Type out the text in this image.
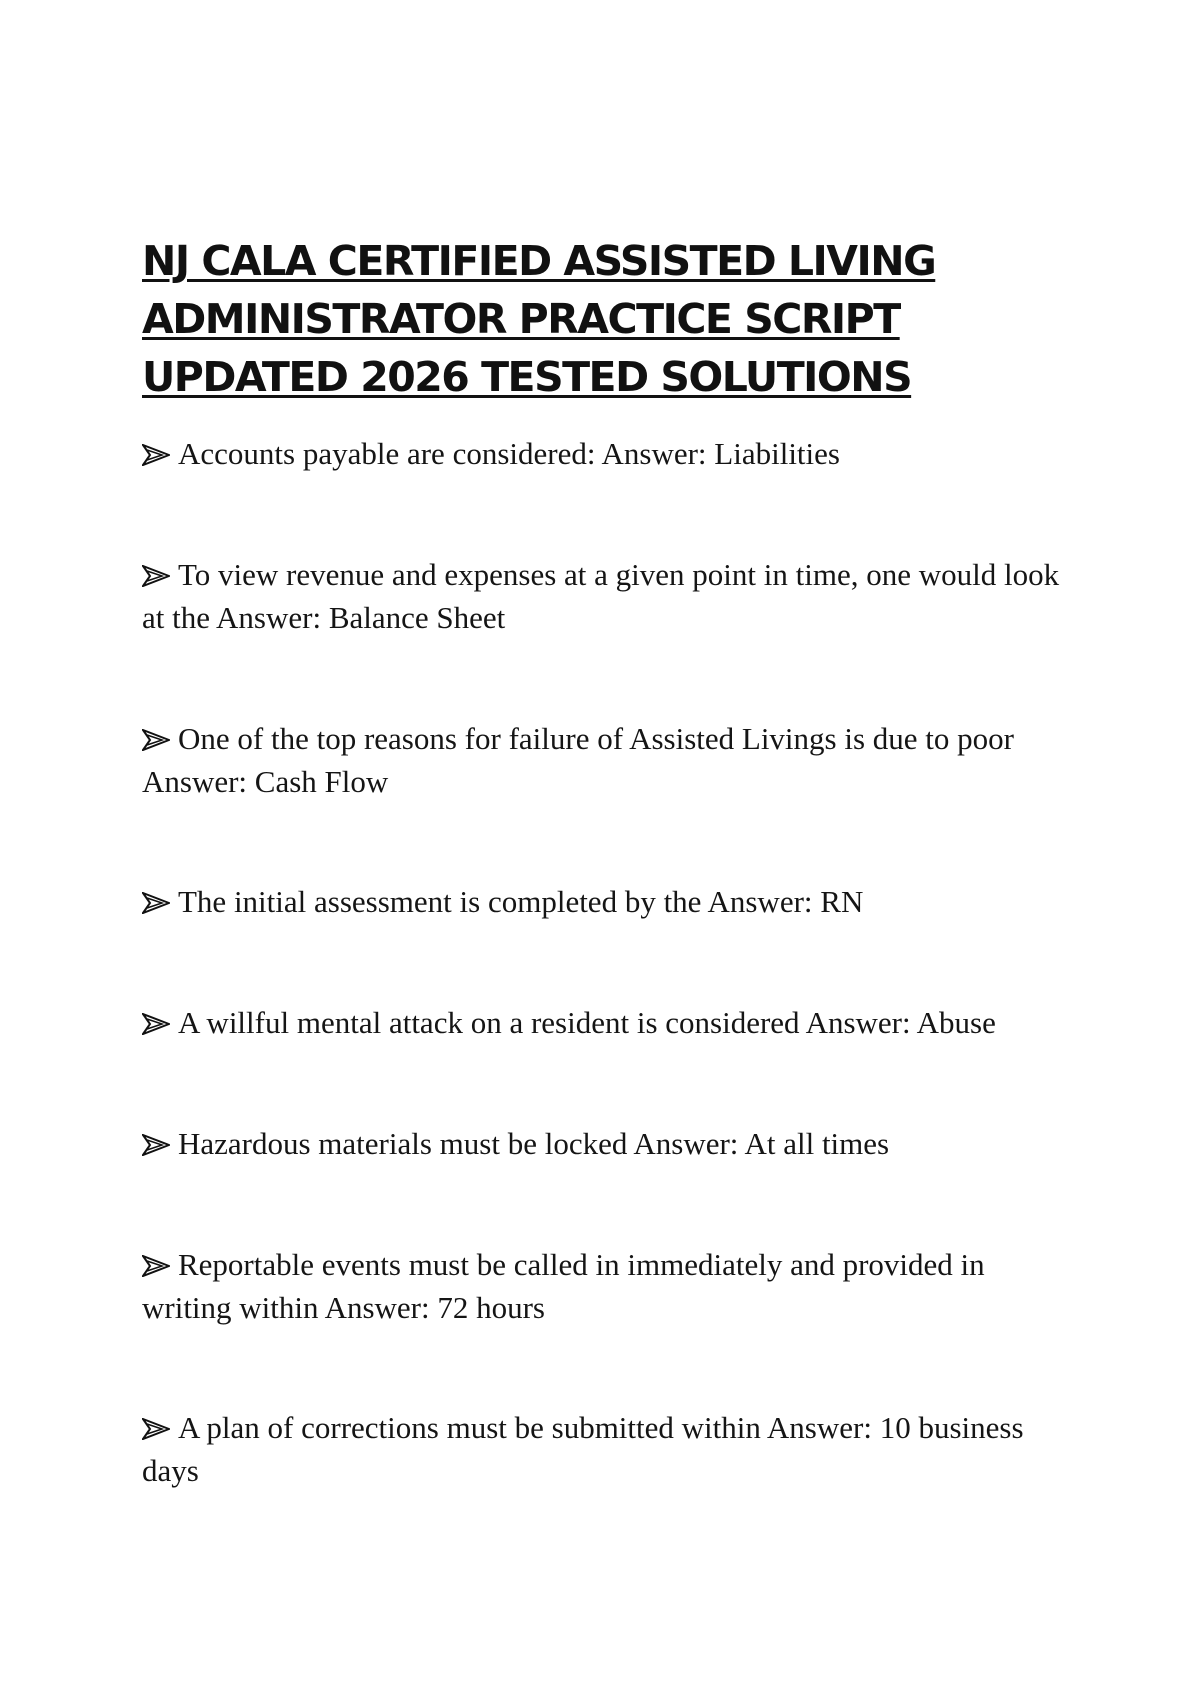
NJ CALA CERTIFIED ASSISTED LIVING
ADMINISTRATOR PRACTICE SCRIPT
UPDATED 2026 TESTED SOLUTIONS
Accounts payable are considered: Answer: Liabilities
To view revenue and expenses at a given point in time, one would look at the Answer: Balance Sheet
One of the top reasons for failure of Assisted Livings is due to poor Answer: Cash Flow
The initial assessment is completed by the Answer: RN
A willful mental attack on a resident is considered Answer: Abuse
Hazardous materials must be locked Answer: At all times
Reportable events must be called in immediately and provided in writing within Answer: 72 hours
A plan of corrections must be submitted within Answer: 10 business days
